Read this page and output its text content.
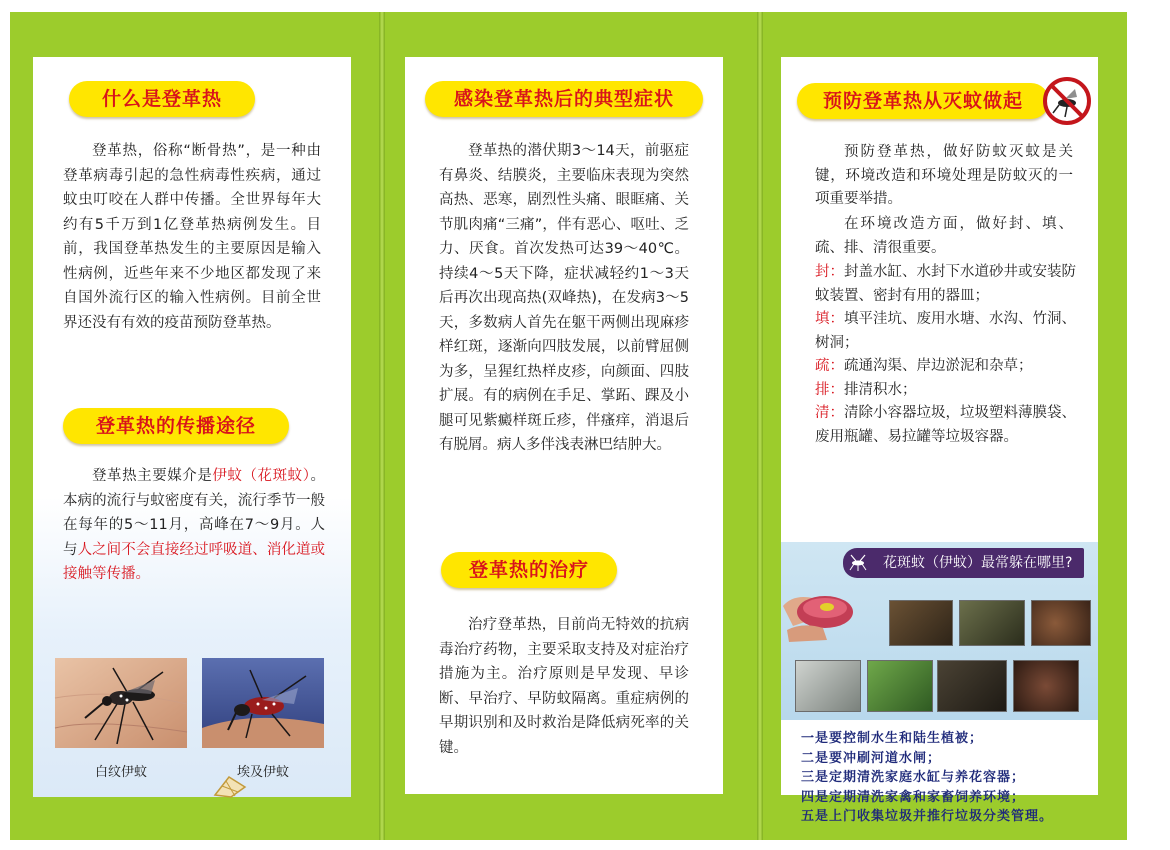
什么是登革热

登革热，俗称“断骨热”，是一种由登革病毒引起的急性病毒性疾病，通过蚊虫叮咬在人群中传播。全世界每年大约有5千万到1亿登革热病例发生。目前，我国登革热发生的主要原因是输入性病例，近些年来不少地区都发现了来自国外流行区的输入性病例。目前全世界还没有有效的疫苗预防登革热。

登革热的传播途径

登革热主要媒介是伊蚊（花斑蚊）。本病的流行与蚊密度有关，流行季节一般在每年的5～11月，高峰在7～9月。人与人之间不会直接经过呼吸道、消化道或接触等传播。

白纹伊蚊	埃及伊蚊
感染登革热后的典型症状

登革热的潜伏期3～14天，前驱症有鼻炎、结膜炎，主要临床表现为突然高热、恶寒，剧烈性头痛、眼眶痛、关节肌肉痛“三痛”，伴有恶心、呕吐、乏力、厌食。首次发热可达39～40℃。持续4～5天下降，症状减轻约1～3天后再次出现高热(双峰热)，在发病3～5天，多数病人首先在躯干两侧出现麻疹样红斑，逐渐向四肢发展，以前臂屈侧为多，呈猩红热样皮疹，向颜面、四肢扩展。有的病例在手足、掌跖、踝及小腿可见紫癜样斑丘疹，伴瘙痒，消退后有脱屑。病人多伴浅表淋巴结肿大。

登革热的治疗

治疗登革热，目前尚无特效的抗病毒治疗药物，主要采取支持及对症治疗措施为主。治疗原则是早发现、早诊断、早治疗、早防蚊隔离。重症病例的早期识别和及时救治是降低病死率的关键。

预防登革热从灭蚊做起

预防登革热，做好防蚊灭蚊是关键，环境改造和环境处理是防蚊灭的一项重要举措。

在环境改造方面，做好封、填、疏、排、清很重要。

封：封盖水缸、水封下水道砂井或安装防蚊装置、密封有用的器皿；
填：填平洼坑、废用水塘、水沟、竹洞、树洞；
疏：疏通沟渠、岸边淤泥和杂草；
排：排清积水；
清：清除小容器垃圾，垃圾塑料薄膜袋、废用瓶罐、易拉罐等垃圾容器。
花斑蚊（伊蚊）最常躲在哪里?
一是要控制水生和陆生植被；
二是要冲刷河道水闸；
三是定期清洗家庭水缸与养花容器；
四是定期清洗家禽和家畜饲养环境；
五是上门收集垃圾并推行垃圾分类管理。
